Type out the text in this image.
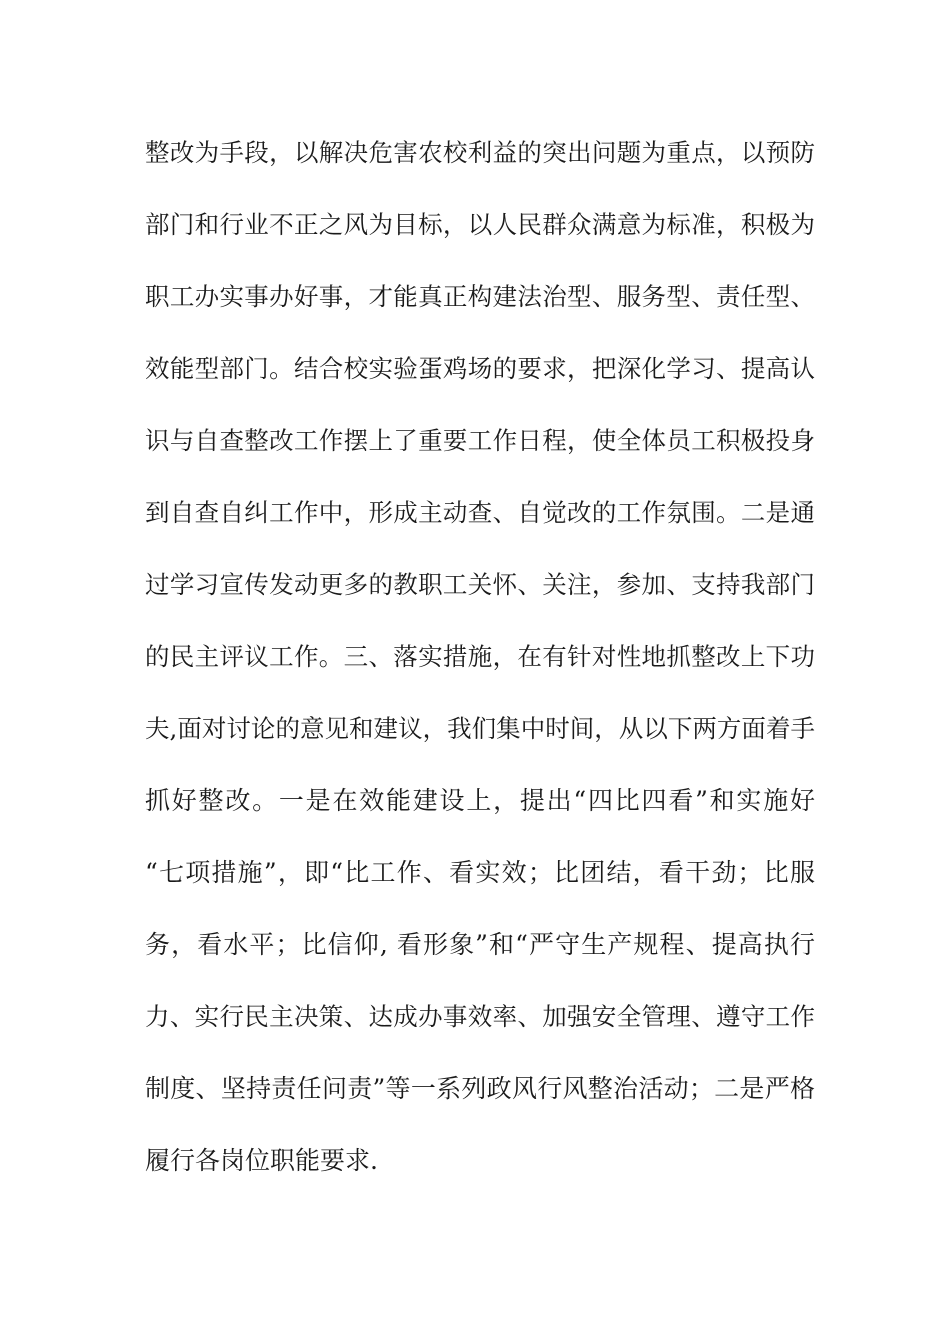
整改为手段，以解决危害农校利益的突出问题为重点，以预防
部门和行业不正之风为目标，以人民群众满意为标准，积极为
职工办实事办好事，才能真正构建法治型、服务型、责任型、
效能型部门。结合校实验蛋鸡场的要求，把深化学习、提高认
识与自查整改工作摆上了重要工作日程，使全体员工积极投身
到自查自纠工作中，形成主动查、自觉改的工作氛围。二是通
过学习宣传发动更多的教职工关怀、关注，参加、支持我部门
的民主评议工作。三、落实措施，在有针对性地抓整改上下功
夫,面对讨论的意见和建议，我们集中时间，从以下两方面着手
抓好整改。一是在效能建设上，提出“四比四看”和实施好
“七项措施”，即“比工作、看实效；比团结，看干劲；比服
务，看水平；比信仰, 看形象”和“严守生产规程、提高执行
力、实行民主决策、达成办事效率、加强安全管理、遵守工作
制度、坚持责任问责”等一系列政风行风整治活动；二是严格
履行各岗位职能要求.
